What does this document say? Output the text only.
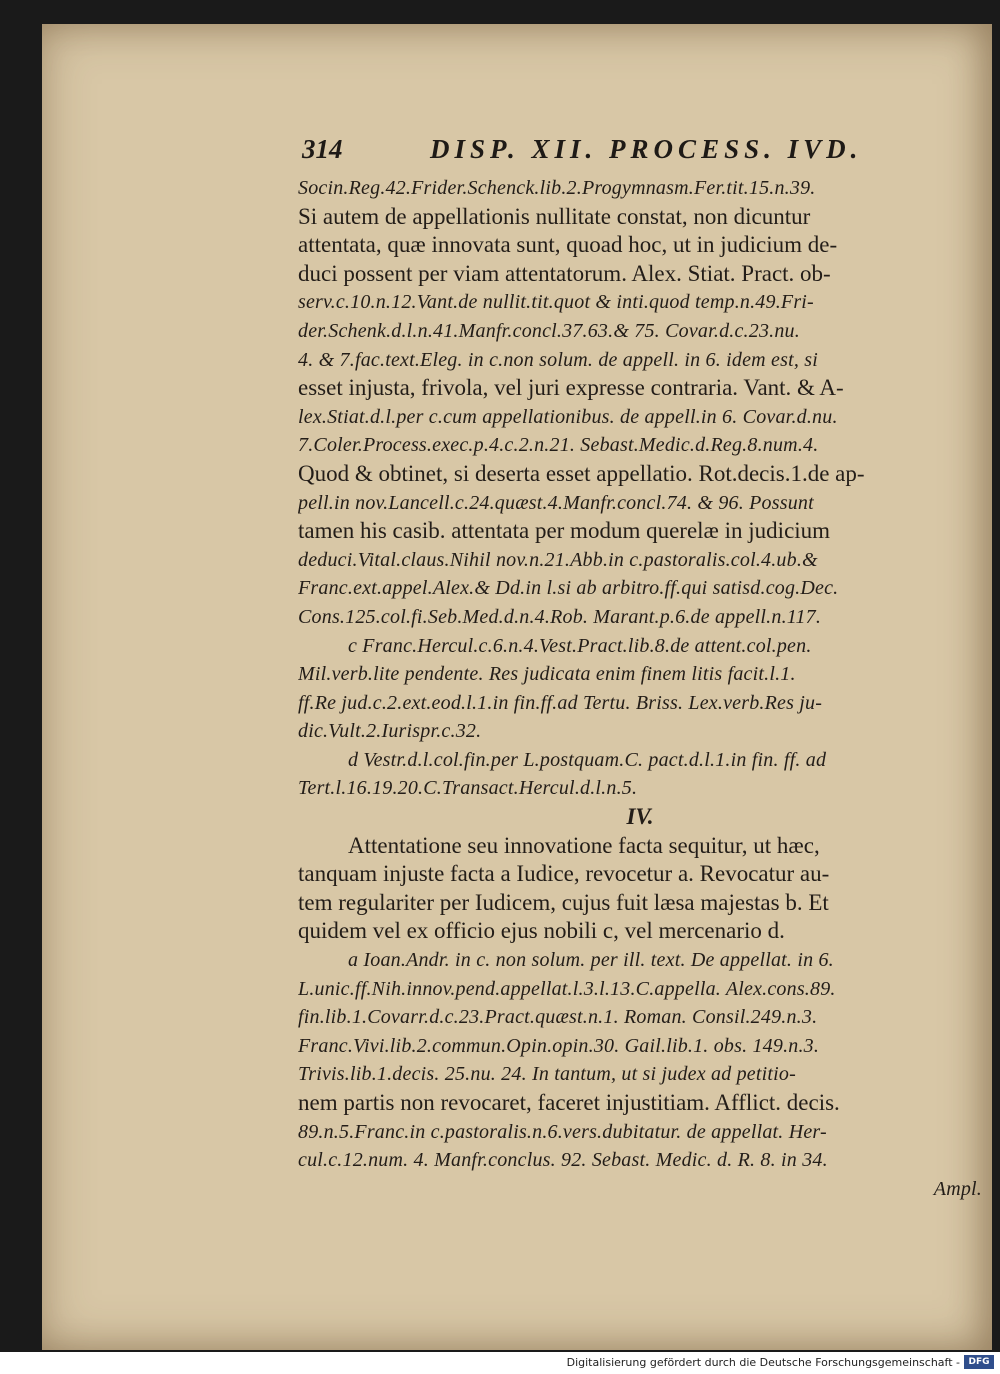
314	DISP. XII. PROCESS. IVD.
Socin.Reg.42.Frider.Schenck.lib.2.Progymnasm.Fer.tit.15.n.39.
Si autem de appellationis nullitate constat, non dicuntur
attentata, quæ innovata sunt, quoad hoc, ut in judicium de-
duci possent per viam attentatorum. Alex. Stiat. Pract. ob-
serv.c.10.n.12.Vant.de nullit.tit.quot & inti.quod temp.n.49.Fri-
der.Schenk.d.l.n.41.Manfr.concl.37.63.& 75. Covar.d.c.23.nu.
4. & 7.fac.text.Eleg. in c.non solum. de appell. in 6. idem est, si
esset injusta, frivola, vel juri expresse contraria. Vant. & A-
lex.Stiat.d.l.per c.cum appellationibus. de appell.in 6. Covar.d.nu.
7.Coler.Process.exec.p.4.c.2.n.21. Sebast.Medic.d.Reg.8.num.4.
Quod & obtinet, si deserta esset appellatio. Rot.decis.1.de ap-
pell.in nov.Lancell.c.24.quæst.4.Manfr.concl.74. & 96. Possunt
tamen his casib. attentata per modum querelæ in judicium
deduci.Vital.claus.Nihil nov.n.21.Abb.in c.pastoralis.col.4.ub.&
Franc.ext.appel.Alex.& Dd.in l.si ab arbitro.ff.qui satisd.cog.Dec.
Cons.125.col.fi.Seb.Med.d.n.4.Rob. Marant.p.6.de appell.n.117.
c Franc.Hercul.c.6.n.4.Vest.Pract.lib.8.de attent.col.pen.
Mil.verb.lite pendente. Res judicata enim finem litis facit.l.1.
ff.Re jud.c.2.ext.eod.l.1.in fin.ff.ad Tertu. Briss. Lex.verb.Res ju-
dic.Vult.2.Iurispr.c.32.
d Vestr.d.l.col.fin.per L.postquam.C. pact.d.l.1.in fin. ff. ad
Tert.l.16.19.20.C.Transact.Hercul.d.l.n.5.
IV.
Attentatione seu innovatione facta sequitur, ut hæc,
tanquam injuste facta a Iudice, revocetur a. Revocatur au-
tem regulariter per Iudicem, cujus fuit læsa majestas b. Et
quidem vel ex officio ejus nobili c, vel mercenario d.
a Ioan.Andr. in c. non solum. per ill. text. De appellat. in 6.
L.unic.ff.Nih.innov.pend.appellat.l.3.l.13.C.appella. Alex.cons.89.
fin.lib.1.Covarr.d.c.23.Pract.quæst.n.1. Roman. Consil.249.n.3.
Franc.Vivi.lib.2.commun.Opin.opin.30. Gail.lib.1. obs. 149.n.3.
Trivis.lib.1.decis. 25.nu. 24. In tantum, ut si judex ad petitio-
nem partis non revocaret, faceret injustitiam. Afflict. decis.
89.n.5.Franc.in c.pastoralis.n.6.vers.dubitatur. de appellat. Her-
cul.c.12.num. 4. Manfr.conclus. 92. Sebast. Medic. d. R. 8. in 34.
Ampl.
Digitalisierung gefördert durch die Deutsche Forschungsgemeinschaft - DFG
